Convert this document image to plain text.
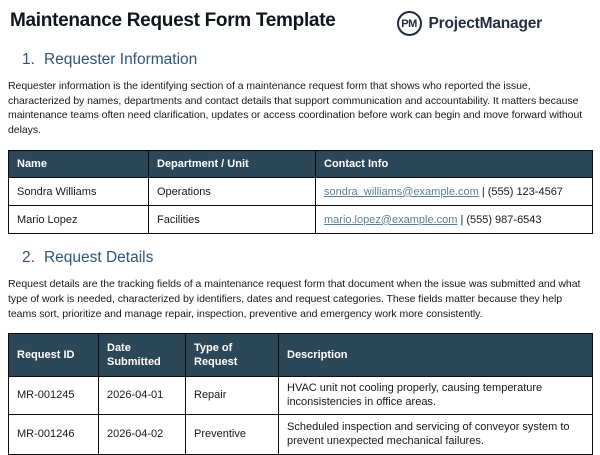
Maintenance Request Form Template	PM ProjectManager
1. Requester Information

Requester information is the identifying section of a maintenance request form that shows who reported the issue, characterized by names, departments and contact details that support communication and accountability. It matters because maintenance teams often need clarification, updates or access coordination before work can begin and move forward without delays.

Name	Department / Unit	Contact Info
Sondra Williams	Operations	sondra_williams@example.com | (555) 123-4567
Mario Lopez	Facilities	mario.lopez@example.com | (555) 987-6543
2. Request Details

Request details are the tracking fields of a maintenance request form that document when the issue was submitted and what type of work is needed, characterized by identifiers, dates and request categories. These fields matter because they help teams sort, prioritize and manage repair, inspection, preventive and emergency work more consistently.

Request ID	Date Submitted	Type of Request	Description
MR-001245	2026-04-01	Repair	HVAC unit not cooling properly, causing temperature inconsistencies in office areas.
MR-001246	2026-04-02	Preventive	Scheduled inspection and servicing of conveyor system to prevent unexpected mechanical failures.
